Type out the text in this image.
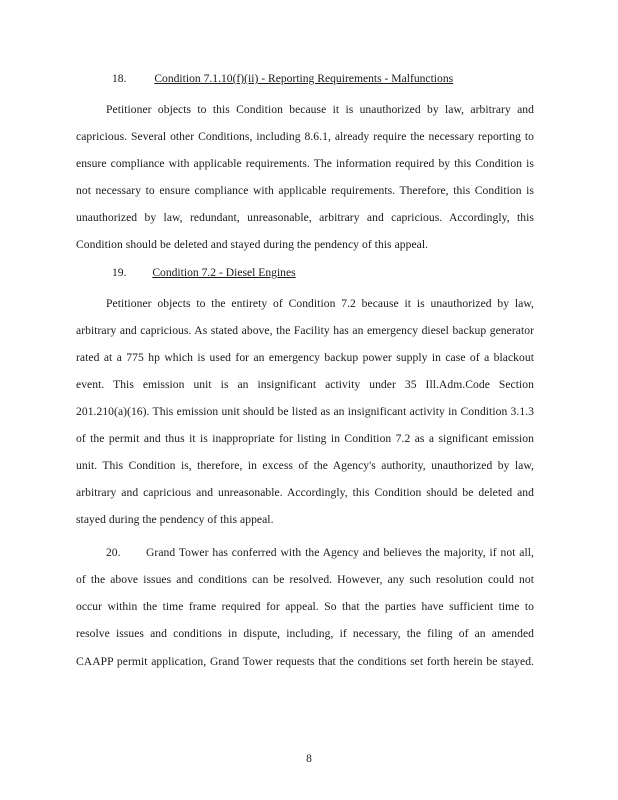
18. Condition 7.1.10(f)(ii) - Reporting Requirements - Malfunctions
Petitioner objects to this Condition because it is unauthorized by law, arbitrary and
capricious. Several other Conditions, including 8.6.1, already require the necessary reporting to
ensure compliance with applicable requirements. The information required by this Condition is
not necessary to ensure compliance with applicable requirements. Therefore, this Condition is
unauthorized by law, redundant, unreasonable, arbitrary and capricious. Accordingly, this
Condition should be deleted and stayed during the pendency of this appeal.
19. Condition 7.2 - Diesel Engines
Petitioner objects to the entirety of Condition 7.2 because it is unauthorized by law,
arbitrary and capricious. As stated above, the Facility has an emergency diesel backup generator
rated at a 775 hp which is used for an emergency backup power supply in case of a blackout
event. This emission unit is an insignificant activity under 35 Ill.Adm.Code Section
201.210(a)(16). This emission unit should be listed as an insignificant activity in Condition 3.1.3
of the permit and thus it is inappropriate for listing in Condition 7.2 as a significant emission
unit. This Condition is, therefore, in excess of the Agency's authority, unauthorized by law,
arbitrary and capricious and unreasonable. Accordingly, this Condition should be deleted and
stayed during the pendency of this appeal.
20. Grand Tower has conferred with the Agency and believes the majority, if not all,
of the above issues and conditions can be resolved. However, any such resolution could not
occur within the time frame required for appeal. So that the parties have sufficient time to
resolve issues and conditions in dispute, including, if necessary, the filing of an amended
CAAPP permit application, Grand Tower requests that the conditions set forth herein be stayed.
8
